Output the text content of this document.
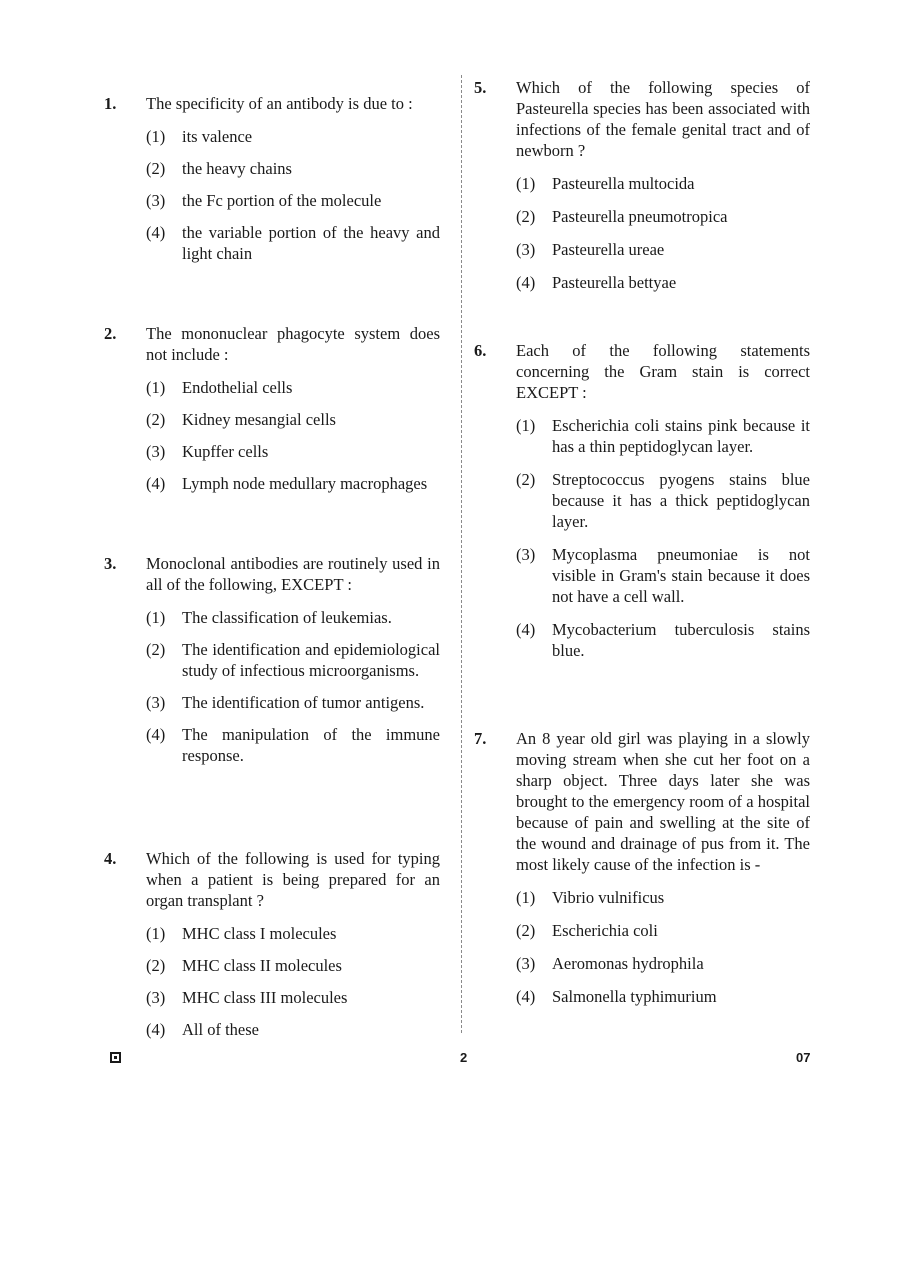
1. The specificity of an antibody is due to :
(1) its valence
(2) the heavy chains
(3) the Fc portion of the molecule
(4) the variable portion of the heavy and light chain
2. The mononuclear phagocyte system does not include :
(1) Endothelial cells
(2) Kidney mesangial cells
(3) Kupffer cells
(4) Lymph node medullary macrophages
3. Monoclonal antibodies are routinely used in all of the following, EXCEPT :
(1) The classification of leukemias.
(2) The identification and epidemiological study of infectious microorganisms.
(3) The identification of tumor antigens.
(4) The manipulation of the immune response.
4. Which of the following is used for typing when a patient is being prepared for an organ transplant ?
(1) MHC class I molecules
(2) MHC class II molecules
(3) MHC class III molecules
(4) All of these
5. Which of the following species of Pasteurella species has been associated with infections of the female genital tract and of newborn ?
(1) Pasteurella multocida
(2) Pasteurella pneumotropica
(3) Pasteurella ureae
(4) Pasteurella bettyae
6. Each of the following statements concerning the Gram stain is correct EXCEPT :
(1) Escherichia coli stains pink because it has a thin peptidoglycan layer.
(2) Streptococcus pyogens stains blue because it has a thick peptidoglycan layer.
(3) Mycoplasma pneumoniae is not visible in Gram's stain because it does not have a cell wall.
(4) Mycobacterium tuberculosis stains blue.
7. An 8 year old girl was playing in a slowly moving stream when she cut her foot on a sharp object. Three days later she was brought to the emergency room of a hospital because of pain and swelling at the site of the wound and drainage of pus from it. The most likely cause of the infection is -
(1) Vibrio vulnificus
(2) Escherichia coli
(3) Aeromonas hydrophila
(4) Salmonella typhimurium
2	07
